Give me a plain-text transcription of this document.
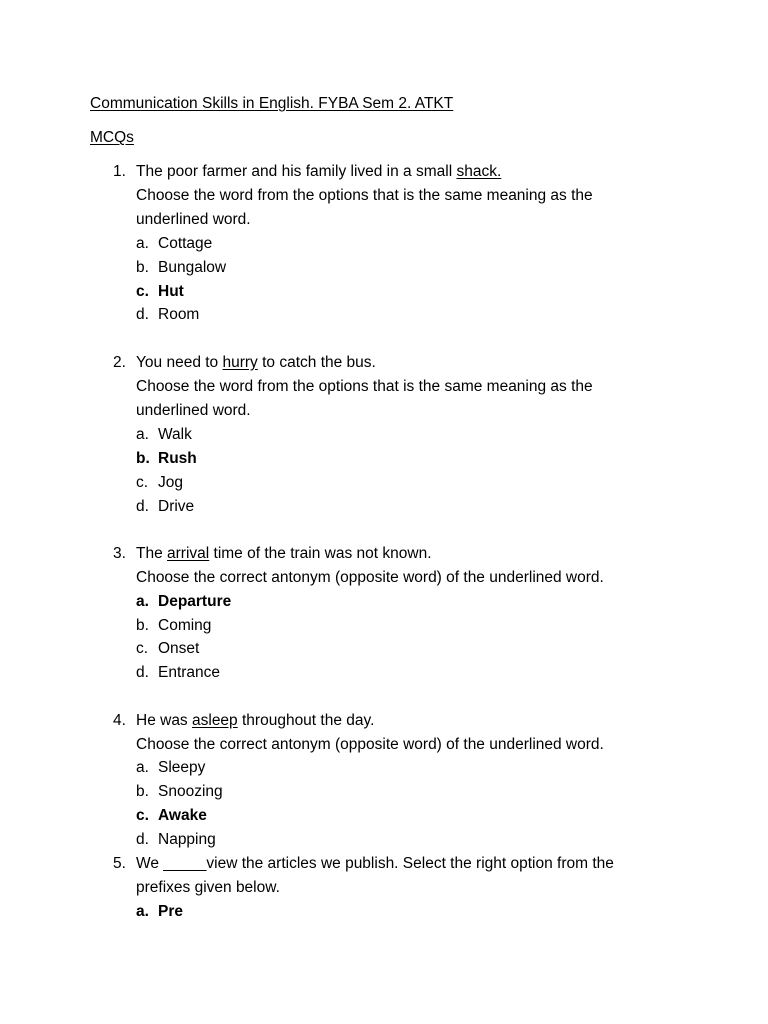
Communication Skills in English. FYBA Sem 2. ATKT
MCQs
1. The poor farmer and his family lived in a small shack.
Choose the word from the options that is the same meaning as the
underlined word.
a. Cottage
b. Bungalow
c. Hut
d. Room
2. You need to hurry to catch the bus.
Choose the word from the options that is the same meaning as the
underlined word.
a. Walk
b. Rush
c. Jog
d. Drive
3. The arrival time of the train was not known.
Choose the correct antonym (opposite word) of the underlined word.
a. Departure
b. Coming
c. Onset
d. Entrance
4. He was asleep throughout the day.
Choose the correct antonym (opposite word) of the underlined word.
a. Sleepy
b. Snoozing
c. Awake
d. Napping
5. We _____view the articles we publish. Select the right option from the
prefixes given below.
a. Pre
